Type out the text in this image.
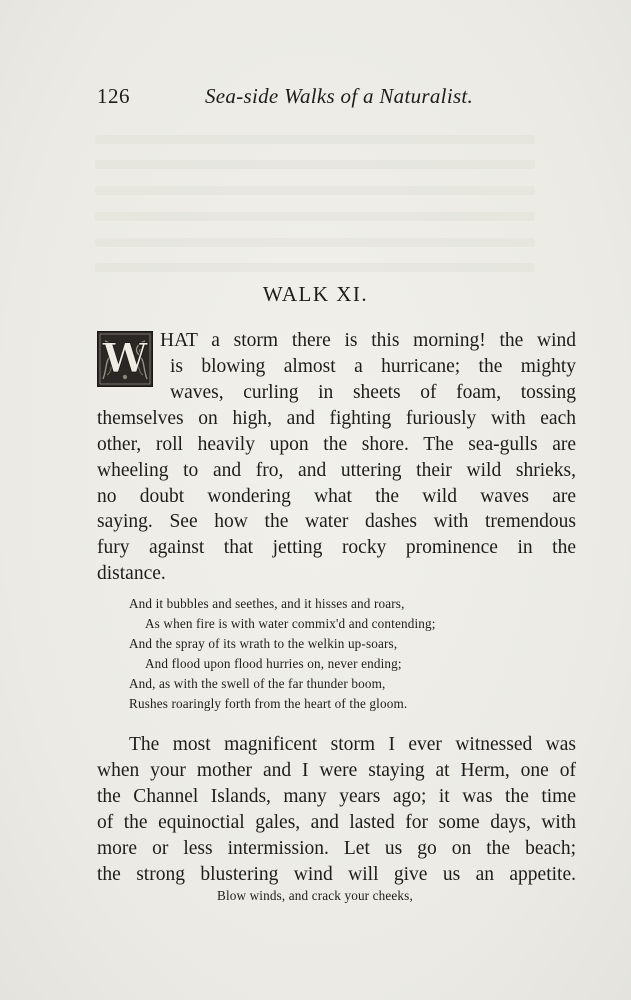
126	Sea-side Walks of a Naturalist.
WALK XI.
W HAT a storm there is this morning! the wind
is blowing almost a hurricane; the mighty
waves, curling in sheets of foam, tossing
themselves on high, and fighting furiously with each
other, roll heavily upon the shore. The sea-gulls are
wheeling to and fro, and uttering their wild shrieks,
no doubt wondering what the wild waves are
saying. See how the water dashes with tremendous
fury against that jetting rocky prominence in the
distance.
And it bubbles and seethes, and it hisses and roars,
As when fire is with water commix'd and contending;
And the spray of its wrath to the welkin up-soars,
And flood upon flood hurries on, never ending;
And, as with the swell of the far thunder boom,
Rushes roaringly forth from the heart of the gloom.
The most magnificent storm I ever witnessed was
when your mother and I were staying at Herm, one of
the Channel Islands, many years ago; it was the time
of the equinoctial gales, and lasted for some days, with
more or less intermission. Let us go on the beach;
the strong blustering wind will give us an appetite.
Blow winds, and crack your cheeks,
